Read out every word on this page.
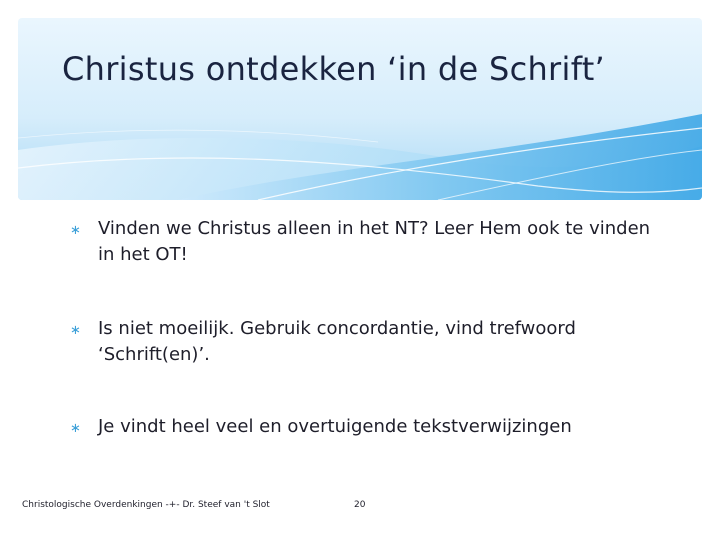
Christus ontdekken ‘in de Schrift’
∗ Vinden we Christus alleen in het NT? Leer Hem ook te vinden in het OT!
∗ Is niet moeilijk. Gebruik concordantie, vind trefwoord ‘Schrift(en)’.
∗ Je vindt heel veel en overtuigende tekstverwijzingen
Christologische Overdenkingen -+- Dr. Steef van 't Slot	20
